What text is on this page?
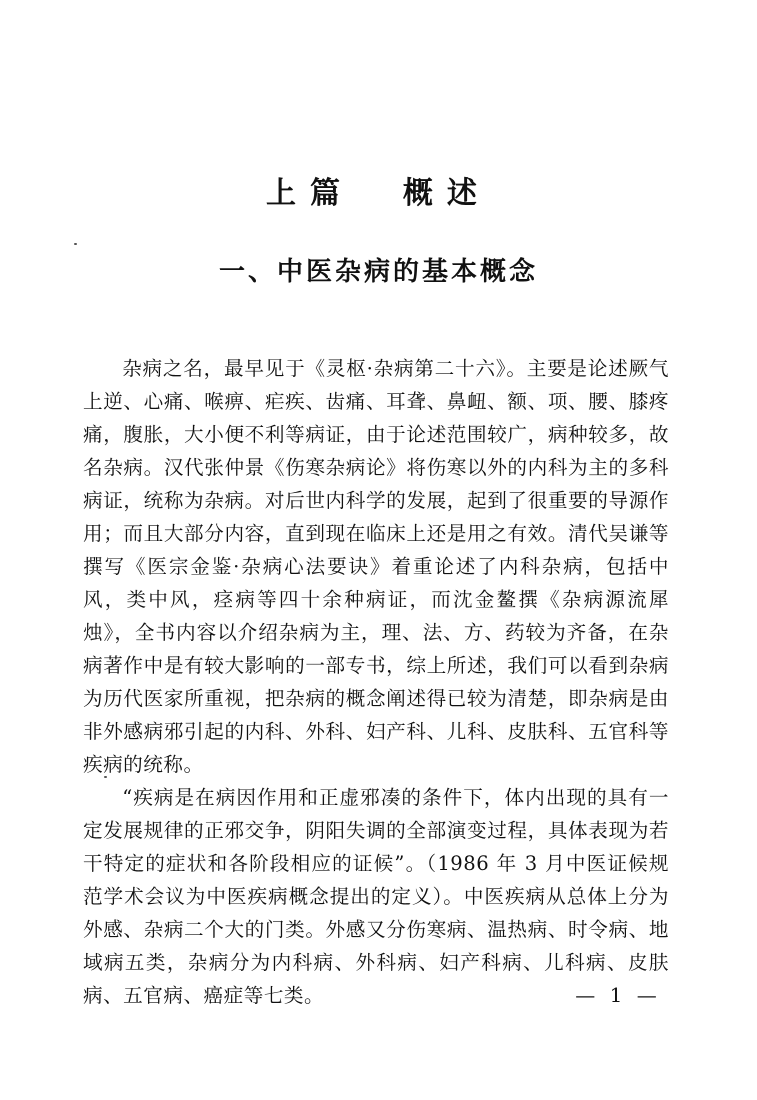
上篇  概述
一、中医杂病的基本概念

杂病之名，最早见于《灵枢·杂病第二十六》。主要是论述厥气上逆、心痛、喉痹、疟疾、齿痛、耳聋、鼻衄、额、项、腰、膝疼痛，腹胀，大小便不利等病证，由于论述范围较广，病种较多，故名杂病。汉代张仲景《伤寒杂病论》将伤寒以外的内科为主的多科病证，统称为杂病。对后世内科学的发展，起到了很重要的导源作用；而且大部分内容，直到现在临床上还是用之有效。清代吴谦等撰写《医宗金鉴·杂病心法要诀》着重论述了内科杂病，包括中风，类中风，痉病等四十余种病证，而沈金鳌撰《杂病源流犀烛》，全书内容以介绍杂病为主，理、法、方、药较为齐备，在杂病著作中是有较大影响的一部专书，综上所述，我们可以看到杂病为历代医家所重视，把杂病的概念阐述得已较为清楚，即杂病是由非外感病邪引起的内科、外科、妇产科、儿科、皮肤科、五官科等疾病的统称。

“疾病是在病因作用和正虚邪凑的条件下，体内出现的具有一定发展规律的正邪交争，阴阳失调的全部演变过程，具体表现为若干特定的症状和各阶段相应的证候”。（1986 年 3 月中医证候规范学术会议为中医疾病概念提出的定义）。中医疾病从总体上分为外感、杂病二个大的门类。外感又分伤寒病、温热病、时令病、地域病五类，杂病分为内科病、外科病、妇产科病、儿科病、皮肤病、五官病、癌症等七类。	— 1 —
